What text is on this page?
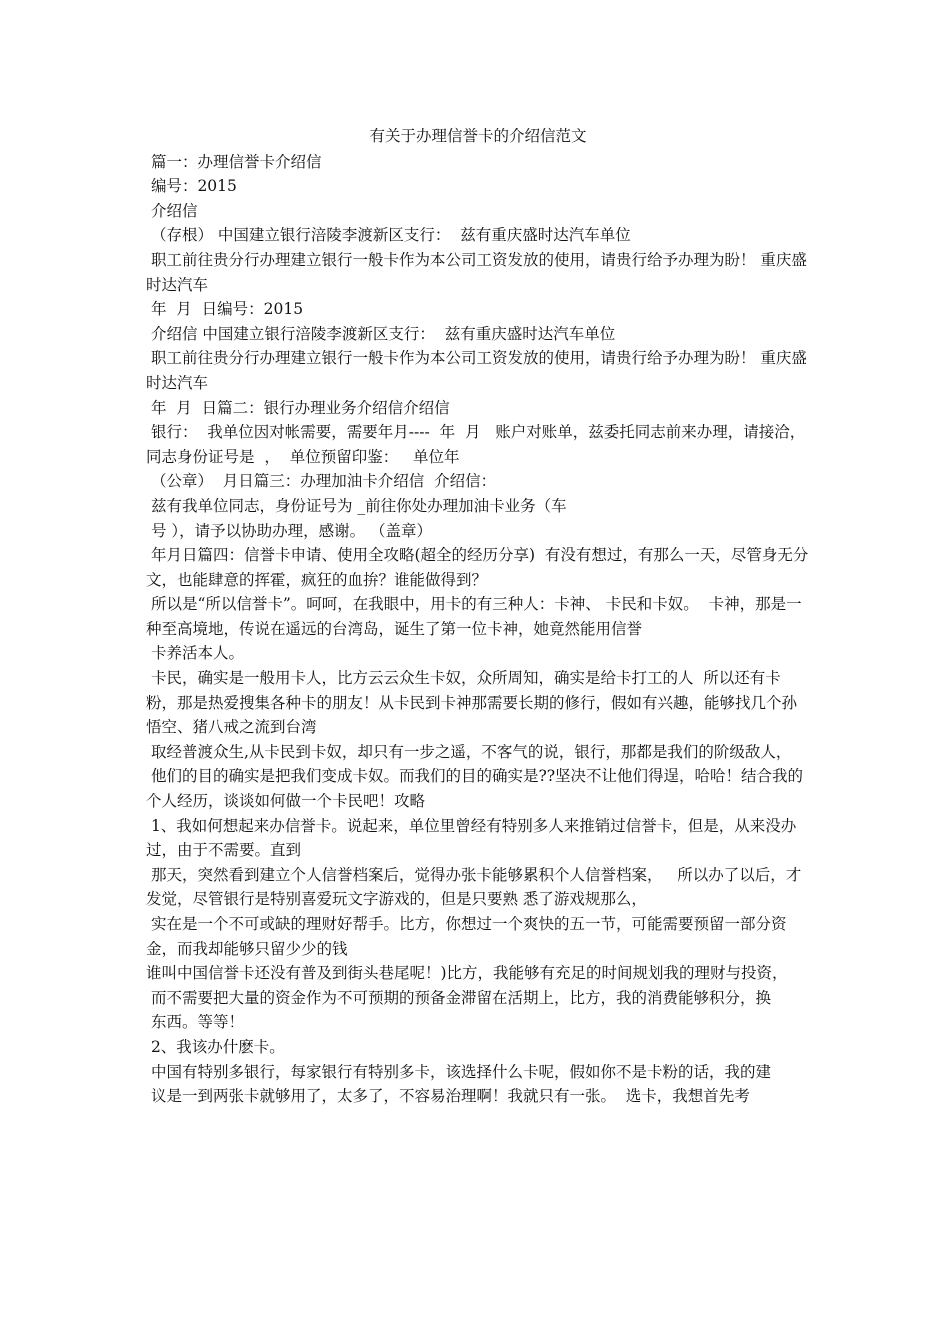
有关于办理信誉卡的介绍信范文

篇一：办理信誉卡介绍信

编号：2015

介绍信

（存根） 中国建立银行涪陵李渡新区支行：  兹有重庆盛时达汽车单位

职工前往贵分行办理建立银行一般卡作为本公司工资发放的使用，请贵行给予办理为盼！ 重庆盛时达汽车

年  月  日编号：2015

介绍信 中国建立银行涪陵李渡新区支行：  兹有重庆盛时达汽车单位

职工前往贵分行办理建立银行一般卡作为本公司工资发放的使用，请贵行给予办理为盼！ 重庆盛时达汽车

年  月  日篇二：银行办理业务介绍信介绍信

银行：  我单位因对帐需要，需要年月----  年  月   账户对账单，兹委托同志前来办理，请接洽，  同志身份证号是  ，  单位预留印鉴：   单位年

（公章）  月日篇三：办理加油卡介绍信  介绍信：

兹有我单位同志，身份证号为 _前往你处办理加油卡业务（车

号 ），请予以协助办理，感谢。 （盖章）

年月日篇四：信誉卡申请、使用全攻略(超全的经历分享)  有没有想过，有那么一天，尽管身无分文，也能肆意的挥霍，疯狂的血拚？谁能做得到？

所以是“所以信誉卡”。呵呵，在我眼中，用卡的有三种人：卡神、 卡民和卡奴。  卡神，那是一种至高境地，传说在遥远的台湾岛，诞生了第一位卡神，她竟然能用信誉

卡养活本人。

卡民，确实是一般用卡人，比方云云众生卡奴，众所周知，确实是给卡打工的人  所以还有卡粉，那是热爱搜集各种卡的朋友！从卡民到卡神那需要长期的修行，假如有兴趣，能够找几个孙悟空、猪八戒之流到台湾

取经普渡众生,从卡民到卡奴，却只有一步之遥，不客气的说，银行，那都是我们的阶级敌人，

他们的目的确实是把我们变成卡奴。而我们的目的确实是??坚决不让他们得逞，哈哈！结合我的个人经历，谈谈如何做一个卡民吧！攻略

1、我如何想起来办信誉卡。说起来，单位里曾经有特别多人来推销过信誉卡，但是，从来没办过，由于不需要。直到

那天，突然看到建立个人信誉档案后，觉得办张卡能够累积个人信誉档案，   所以办了以后，才发觉，尽管银行是特别喜爱玩文字游戏的，但是只要熟 悉了游戏规那么，

实在是一个不可或缺的理财好帮手。比方，你想过一个爽快的五一节，可能需要预留一部分资金，而我却能够只留少少的钱

谁叫中国信誉卡还没有普及到街头巷尾呢！)比方，我能够有充足的时间规划我的理财与投资，

而不需要把大量的资金作为不可预期的预备金滞留在活期上，比方，我的消费能够积分，换

东西。等等！

2、我该办什麽卡。

中国有特别多银行，每家银行有特别多卡，该选择什么卡呢，假如你不是卡粉的话，我的建

议是一到两张卡就够用了，太多了，不容易治理啊！我就只有一张。  选卡，我想首先考
